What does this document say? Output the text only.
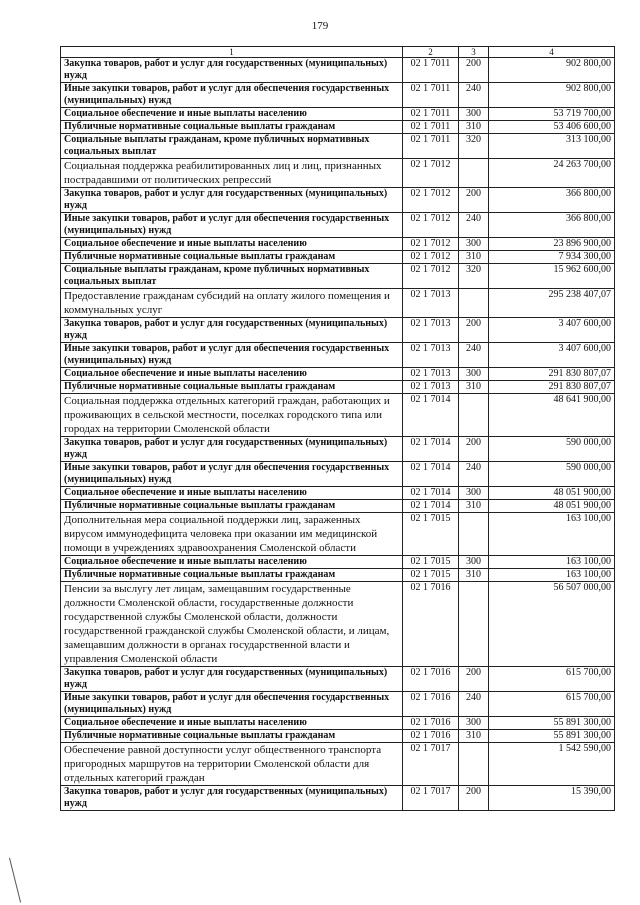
179
1	2	3	4
Закупка товаров, работ и услуг для государственных (муниципальных) нужд	02 1 7011	200	902 800,00
Иные закупки товаров, работ и услуг для обеспечения государственных (муниципальных) нужд	02 1 7011	240	902 800,00
Социальное обеспечение и иные выплаты населению	02 1 7011	300	53 719 700,00
Публичные нормативные социальные выплаты гражданам	02 1 7011	310	53 406 600,00
Социальные выплаты гражданам, кроме публичных нормативных социальных выплат	02 1 7011	320	313 100,00
Социальная поддержка реабилитированных лиц и лиц, признанных пострадавшими от политических репрессий	02 1 7012		24 263 700,00
Закупка товаров, работ и услуг для государственных (муниципальных) нужд	02 1 7012	200	366 800,00
Иные закупки товаров, работ и услуг для обеспечения государственных (муниципальных) нужд	02 1 7012	240	366 800,00
Социальное обеспечение и иные выплаты населению	02 1 7012	300	23 896 900,00
Публичные нормативные социальные выплаты гражданам	02 1 7012	310	7 934 300,00
Социальные выплаты гражданам, кроме публичных нормативных социальных выплат	02 1 7012	320	15 962 600,00
Предоставление гражданам субсидий на оплату жилого помещения и коммунальных услуг	02 1 7013		295 238 407,07
Закупка товаров, работ и услуг для государственных (муниципальных) нужд	02 1 7013	200	3 407 600,00
Иные закупки товаров, работ и услуг для обеспечения государственных (муниципальных) нужд	02 1 7013	240	3 407 600,00
Социальное обеспечение и иные выплаты населению	02 1 7013	300	291 830 807,07
Публичные нормативные социальные выплаты гражданам	02 1 7013	310	291 830 807,07
Социальная поддержка отдельных категорий граждан, работающих и проживающих в сельской местности, поселках городского типа или городах на территории Смоленской области	02 1 7014		48 641 900,00
Закупка товаров, работ и услуг для государственных (муниципальных) нужд	02 1 7014	200	590 000,00
Иные закупки товаров, работ и услуг для обеспечения государственных (муниципальных) нужд	02 1 7014	240	590 000,00
Социальное обеспечение и иные выплаты населению	02 1 7014	300	48 051 900,00
Публичные нормативные социальные выплаты гражданам	02 1 7014	310	48 051 900,00
Дополнительная мера социальной поддержки лиц, зараженных вирусом иммунодефицита человека при оказании им медицинской помощи в учреждениях здравоохранения Смоленской области	02 1 7015		163 100,00
Социальное обеспечение и иные выплаты населению	02 1 7015	300	163 100,00
Публичные нормативные социальные выплаты гражданам	02 1 7015	310	163 100,00
Пенсии за выслугу лет лицам, замещавшим государственные должности Смоленской области, государственные должности государственной службы Смоленской области, должности государственной гражданской службы Смоленской области, и лицам, замещавшим должности в органах государственной власти и управления Смоленской области	02 1 7016		56 507 000,00
Закупка товаров, работ и услуг для государственных (муниципальных) нужд	02 1 7016	200	615 700,00
Иные закупки товаров, работ и услуг для обеспечения государственных (муниципальных) нужд	02 1 7016	240	615 700,00
Социальное обеспечение и иные выплаты населению	02 1 7016	300	55 891 300,00
Публичные нормативные социальные выплаты гражданам	02 1 7016	310	55 891 300,00
Обеспечение равной доступности услуг общественного транспорта пригородных маршрутов на территории Смоленской области для отдельных категорий граждан	02 1 7017		1 542 590,00
Закупка товаров, работ и услуг для государственных (муниципальных) нужд	02 1 7017	200	15 390,00
